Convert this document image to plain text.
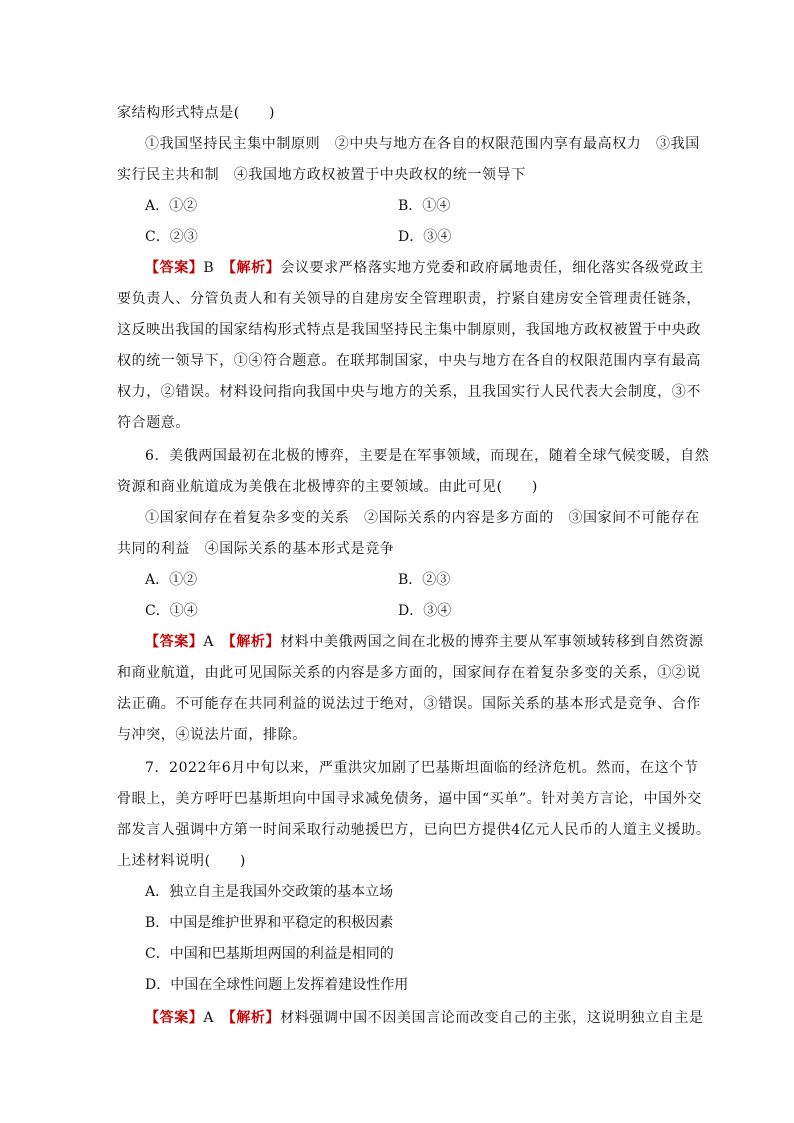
家结构形式特点是(　　)
①我国坚持民主集中制原则　②中央与地方在各自的权限范围内享有最高权力　③我国
实行民主共和制　④我国地方政权被置于中央政权的统一领导下
A．①②	B．①④
C．②③	D．③④
【答案】B　 【解析】会议要求严格落实地方党委和政府属地责任，细化落实各级党政主
要负责人、分管负责人和有关领导的自建房安全管理职责，拧紧自建房安全管理责任链条，
这反映出我国的国家结构形式特点是我国坚持民主集中制原则，我国地方政权被置于中央政
权的统一领导下，①④符合题意。在联邦制国家，中央与地方在各自的权限范围内享有最高
权力，②错误。材料设问指向我国中央与地方的关系，且我国实行人民代表大会制度，③不
符合题意。
6．美俄两国最初在北极的博弈，主要是在军事领域，而现在，随着全球气候变暖，自然
资源和商业航道成为美俄在北极博弈的主要领域。由此可见(　　)
①国家间存在着复杂多变的关系　②国际关系的内容是多方面的　③国家间不可能存在
共同的利益　④国际关系的基本形式是竞争
A．①②	B．②③
C．①④	D．③④
【答案】A　 【解析】材料中美俄两国之间在北极的博弈主要从军事领域转移到自然资源
和商业航道，由此可见国际关系的内容是多方面的，国家间存在着复杂多变的关系，①②说
法正确。不可能存在共同利益的说法过于绝对，③错误。国际关系的基本形式是竞争、合作
与冲突，④说法片面，排除。
7．2022年6月中旬以来，严重洪灾加剧了巴基斯坦面临的经济危机。然而，在这个节
骨眼上，美方呼吁巴基斯坦向中国寻求减免债务，逼中国“买单”。针对美方言论，中国外交
部发言人强调中方第一时间采取行动驰援巴方，已向巴方提供4亿元人民币的人道主义援助。
上述材料说明(　　)
A．独立自主是我国外交政策的基本立场
B．中国是维护世界和平稳定的积极因素
C．中国和巴基斯坦两国的利益是相同的
D．中国在全球性问题上发挥着建设性作用
【答案】A　 【解析】材料强调中国不因美国言论而改变自己的主张，这说明独立自主是
